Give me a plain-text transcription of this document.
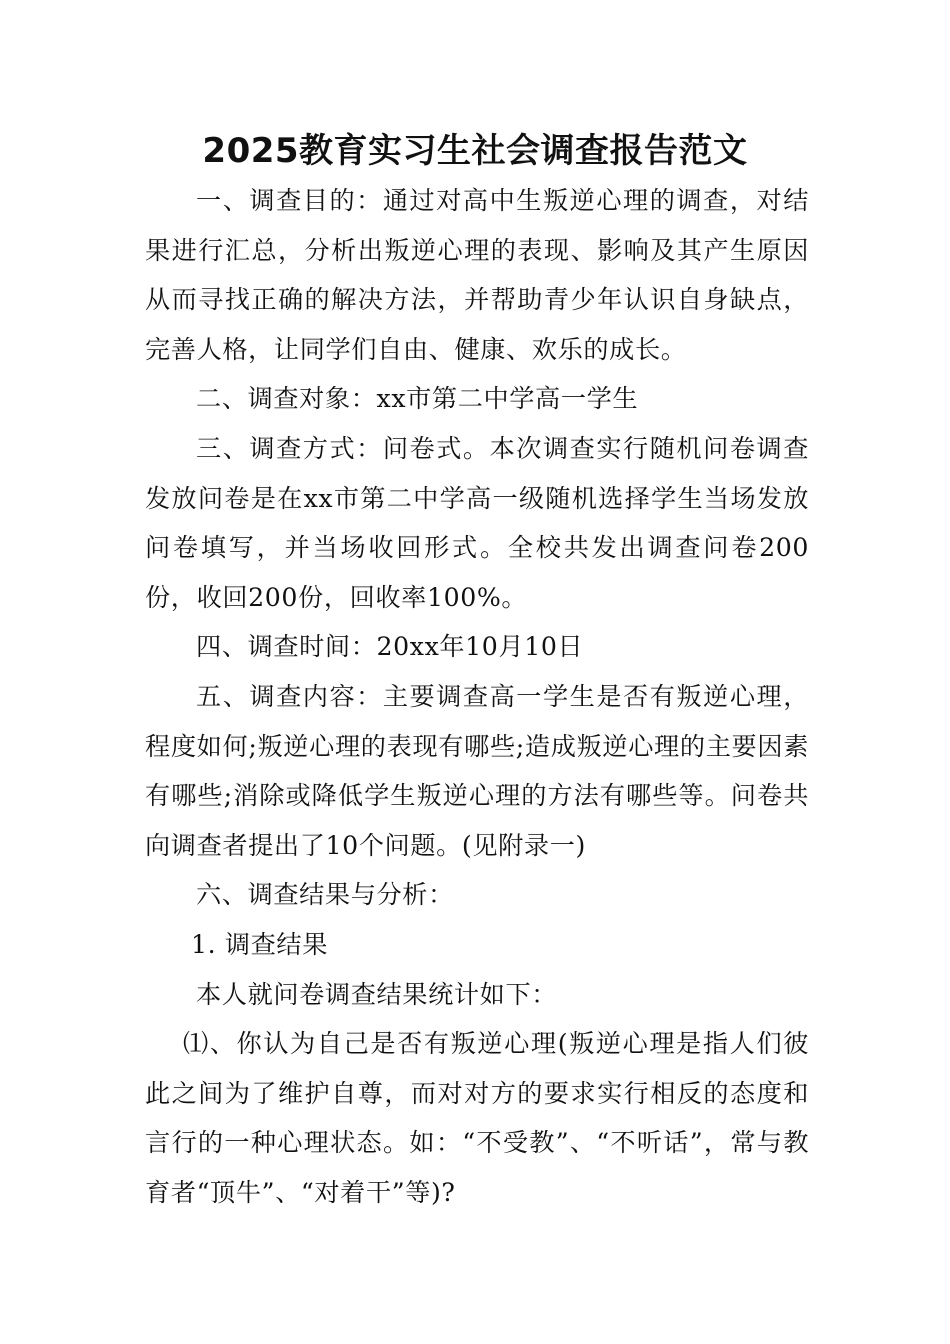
2025教育实习生社会调查报告范文

一、调查目的：通过对高中生叛逆心理的调查，对结果进行汇总，分析出叛逆心理的表现、影响及其产生原因从而寻找正确的解决方法，并帮助青少年认识自身缺点，完善人格，让同学们自由、健康、欢乐的成长。

二、调查对象：xx市第二中学高一学生

三、调查方式：问卷式。本次调查实行随机问卷调查发放问卷是在xx市第二中学高一级随机选择学生当场发放问卷填写，并当场收回形式。全校共发出调查问卷200份，收回200份，回收率100%。

四、调查时间：20xx年10月10日

五、调查内容：主要调查高一学生是否有叛逆心理，程度如何;叛逆心理的表现有哪些;造成叛逆心理的主要因素有哪些;消除或降低学生叛逆心理的方法有哪些等。问卷共向调查者提出了10个问题。(见附录一)

六、调查结果与分析：

1. 调查结果

本人就问卷调查结果统计如下：

⑴、你认为自己是否有叛逆心理(叛逆心理是指人们彼此之间为了维护自尊，而对对方的要求实行相反的态度和言行的一种心理状态。如：“不受教”、“不听话”，常与教育者“顶牛”、“对着干”等)?
